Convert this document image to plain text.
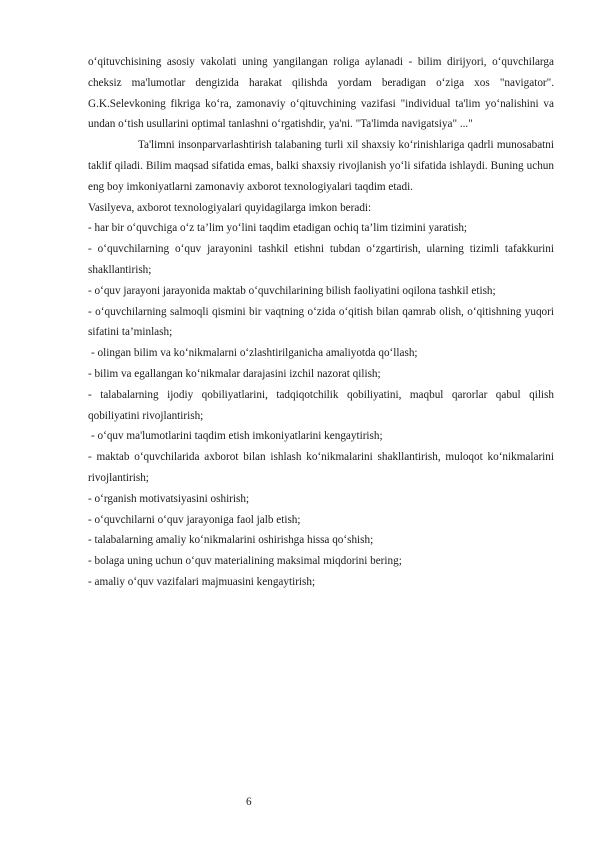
o‘qituvchisining asosiy vakolati uning yangilangan roliga aylanadi - bilim dirijyori, o‘quvchilarga cheksiz ma'lumotlar dengizida harakat qilishda yordam beradigan o‘ziga xos "navigator". G.K.Selevkoning fikriga ko‘ra, zamonaviy o‘qituvchining vazifasi "individual ta'lim yo‘nalishini va undan o‘tish usullarini optimal tanlashni o‘rgatishdir, ya'ni. "Ta'limda navigatsiya" ..."

Ta'limni insonparvarlashtirish talabaning turli xil shaxsiy ko‘rinishlariga qadrli munosabatni taklif qiladi. Bilim maqsad sifatida emas, balki shaxsiy rivojlanish yo‘li sifatida ishlaydi. Buning uchun eng boy imkoniyatlarni zamonaviy axborot texnologiyalari taqdim etadi.

Vasilyeva, axborot texnologiyalari quyidagilarga imkon beradi:

- har bir o‘quvchiga o‘z ta’lim yo‘lini taqdim etadigan ochiq ta’lim tizimini yaratish;

- o‘quvchilarning o‘quv jarayonini tashkil etishni tubdan o‘zgartirish, ularning tizimli tafakkurini shakllantirish;

- o‘quv jarayoni jarayonida maktab o‘quvchilarining bilish faoliyatini oqilona tashkil etish;

- o‘quvchilarning salmoqli qismini bir vaqtning o‘zida o‘qitish bilan qamrab olish, o‘qitishning yuqori sifatini ta’minlash;

- olingan bilim va ko‘nikmalarni o‘zlashtirilganicha amaliyotda qo‘llash;

- bilim va egallangan ko‘nikmalar darajasini izchil nazorat qilish;

- talabalarning ijodiy qobiliyatlarini, tadqiqotchilik qobiliyatini, maqbul qarorlar qabul qilish qobiliyatini rivojlantirish;

- o‘quv ma'lumotlarini taqdim etish imkoniyatlarini kengaytirish;

- maktab o‘quvchilarida axborot bilan ishlash ko‘nikmalarini shakllantirish, muloqot ko‘nikmalarini rivojlantirish;

- o‘rganish motivatsiyasini oshirish;

- o‘quvchilarni o‘quv jarayoniga faol jalb etish;

- talabalarning amaliy ko‘nikmalarini oshirishga hissa qo‘shish;

- bolaga uning uchun o‘quv materialining maksimal miqdorini bering;

- amaliy o‘quv vazifalari majmuasini kengaytirish;

6
